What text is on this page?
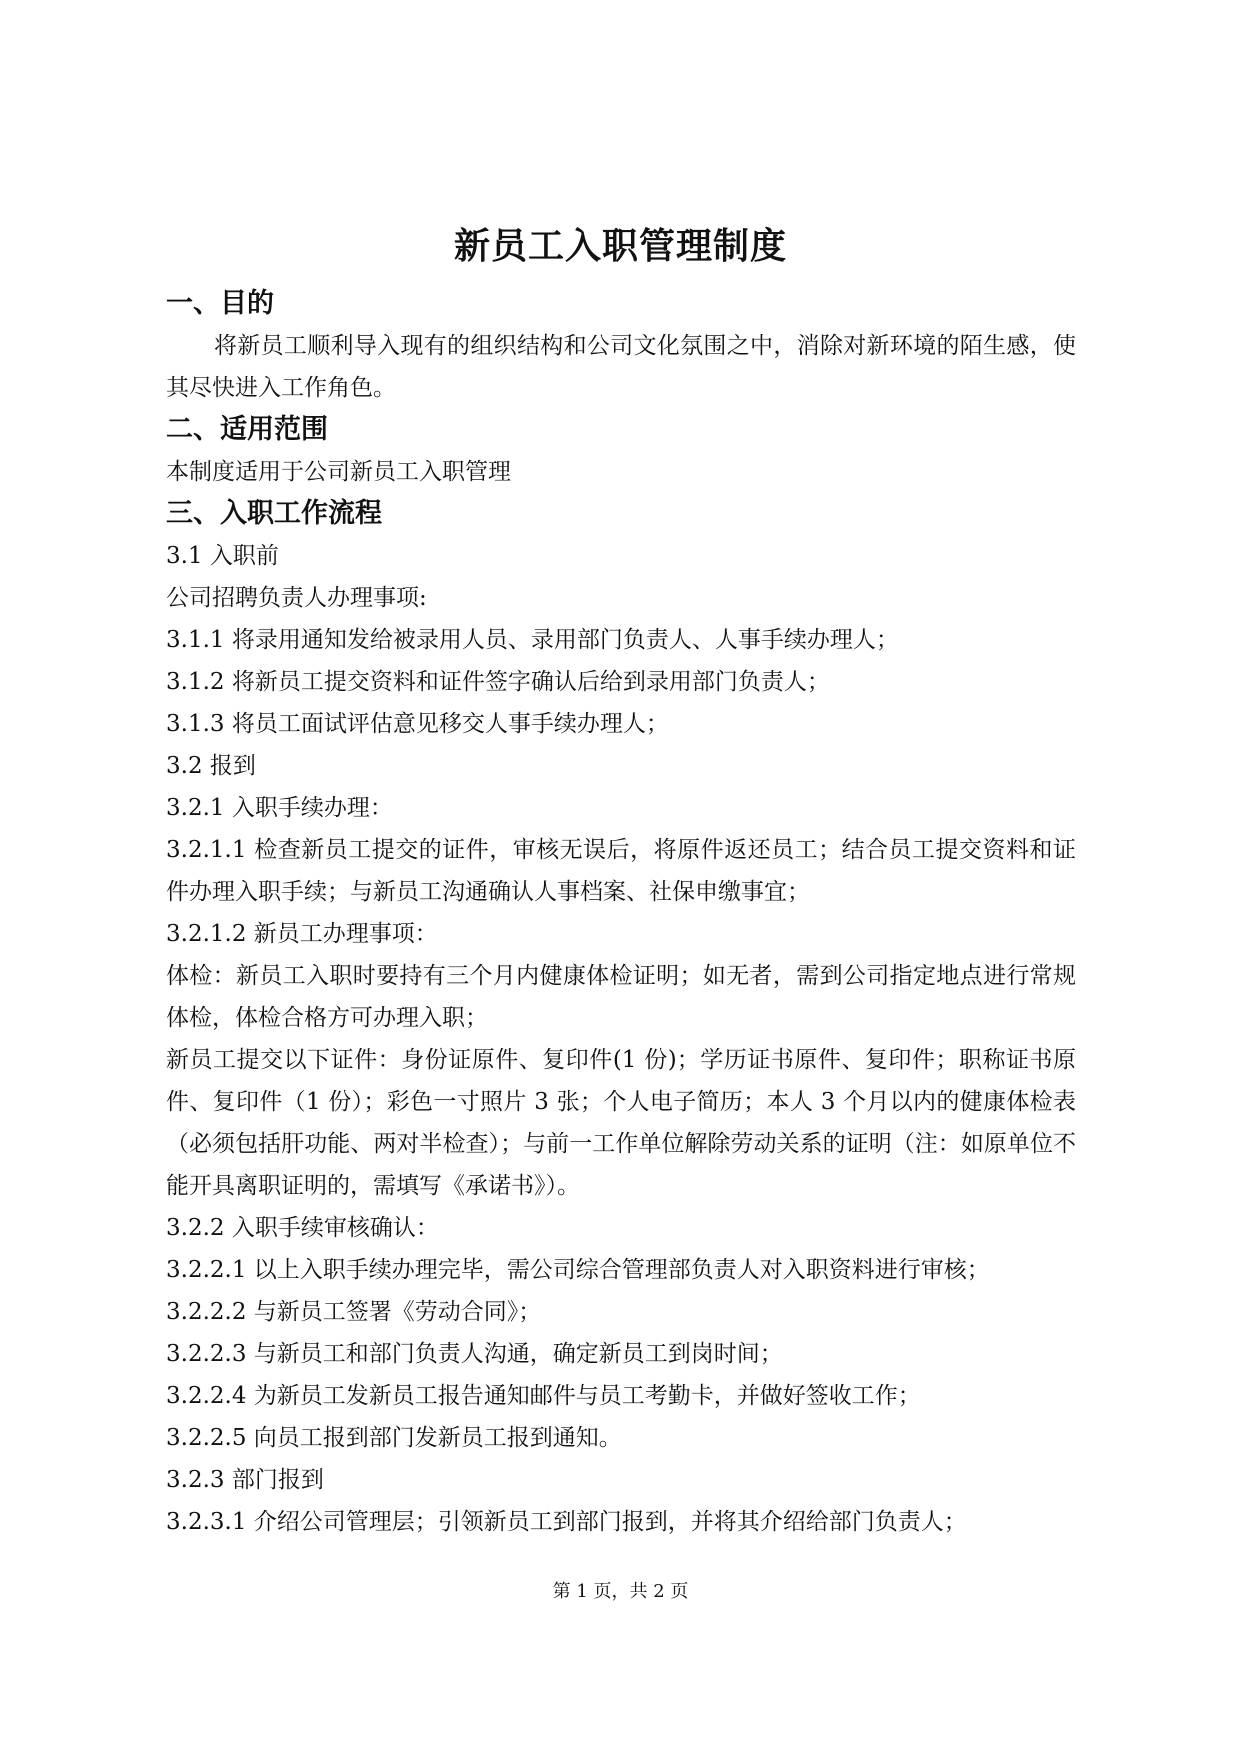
新员工入职管理制度
一、目的
将新员工顺利导入现有的组织结构和公司文化氛围之中，消除对新环境的陌生感，使其尽快进入工作角色。
二、适用范围
本制度适用于公司新员工入职管理
三、入职工作流程
3.1 入职前
公司招聘负责人办理事项:
3.1.1 将录用通知发给被录用人员、录用部门负责人、人事手续办理人；
3.1.2 将新员工提交资料和证件签字确认后给到录用部门负责人；
3.1.3 将员工面试评估意见移交人事手续办理人；
3.2 报到
3.2.1 入职手续办理：
3.2.1.1 检查新员工提交的证件，审核无误后，将原件返还员工；结合员工提交资料和证件办理入职手续；与新员工沟通确认人事档案、社保申缴事宜；
3.2.1.2 新员工办理事项：
体检：新员工入职时要持有三个月内健康体检证明；如无者，需到公司指定地点进行常规体检，体检合格方可办理入职；
新员工提交以下证件：身份证原件、复印件(1 份)；学历证书原件、复印件；职称证书原件、复印件（1 份）；彩色一寸照片 3 张；个人电子简历；本人 3 个月以内的健康体检表（必须包括肝功能、两对半检查）；与前一工作单位解除劳动关系的证明（注：如原单位不能开具离职证明的，需填写《承诺书》）。
3.2.2 入职手续审核确认：
3.2.2.1 以上入职手续办理完毕，需公司综合管理部负责人对入职资料进行审核；
3.2.2.2 与新员工签署《劳动合同》；
3.2.2.3 与新员工和部门负责人沟通，确定新员工到岗时间；
3.2.2.4 为新员工发新员工报告通知邮件与员工考勤卡，并做好签收工作；
3.2.2.5 向员工报到部门发新员工报到通知。
3.2.3 部门报到
3.2.3.1 介绍公司管理层；引领新员工到部门报到，并将其介绍给部门负责人；
第 1 页，共 2 页
